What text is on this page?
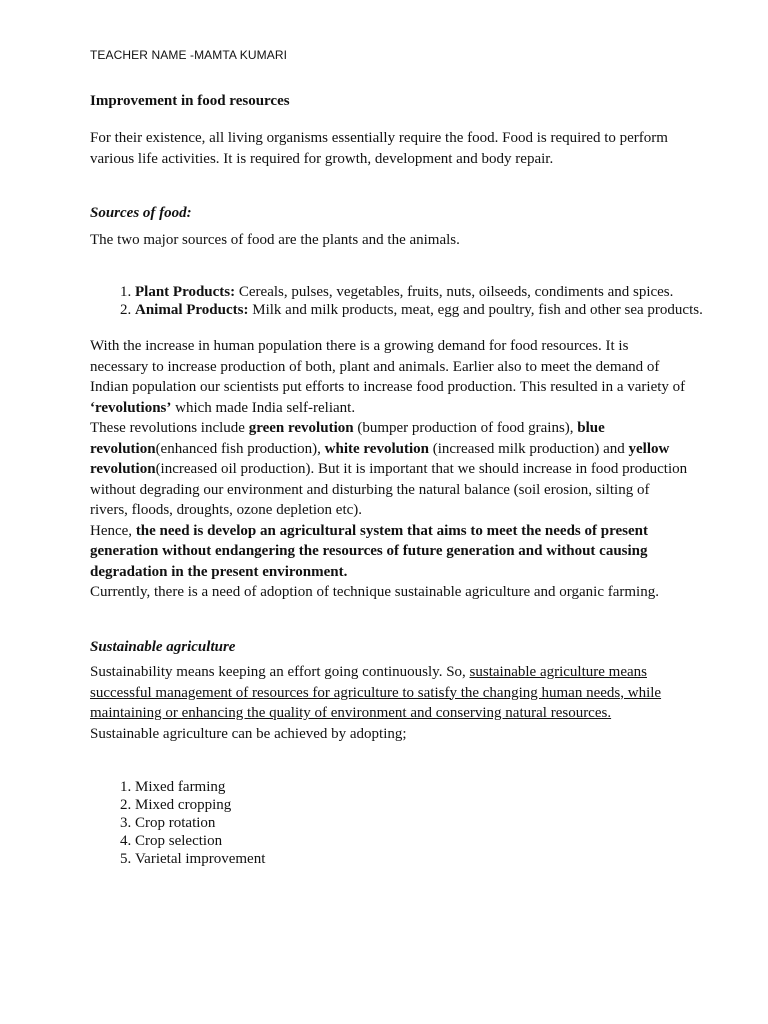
TEACHER NAME -MAMTA KUMARI
Improvement in food resources

For their existence, all living organisms essentially require the food. Food is required to perform various life activities. It is required for growth, development and body repair.

Sources of food:

The two major sources of food are the plants and the animals.

1. Plant Products: Cereals, pulses, vegetables, fruits, nuts, oilseeds, condiments and spices.
2. Animal Products: Milk and milk products, meat, egg and poultry, fish and other sea products.
With the increase in human population there is a growing demand for food resources. It is necessary to increase production of both, plant and animals. Earlier also to meet the demand of Indian population our scientists put efforts to increase food production. This resulted in a variety of ‘revolutions’ which made India self-reliant.
These revolutions include green revolution (bumper production of food grains), blue revolution(enhanced fish production), white revolution (increased milk production) and yellow revolution(increased oil production). But it is important that we should increase in food production without degrading our environment and disturbing the natural balance (soil erosion, silting of rivers, floods, droughts, ozone depletion etc).
Hence, the need is develop an agricultural system that aims to meet the needs of present generation without endangering the resources of future generation and without causing degradation in the present environment.
Currently, there is a need of adoption of technique sustainable agriculture and organic farming.
Sustainable agriculture
Sustainability means keeping an effort going continuously. So, sustainable agriculture means successful management of resources for agriculture to satisfy the changing human needs, while maintaining or enhancing the quality of environment and conserving natural resources.
Sustainable agriculture can be achieved by adopting;
1. Mixed farming
2. Mixed cropping
3. Crop rotation
4. Crop selection
5. Varietal improvement
